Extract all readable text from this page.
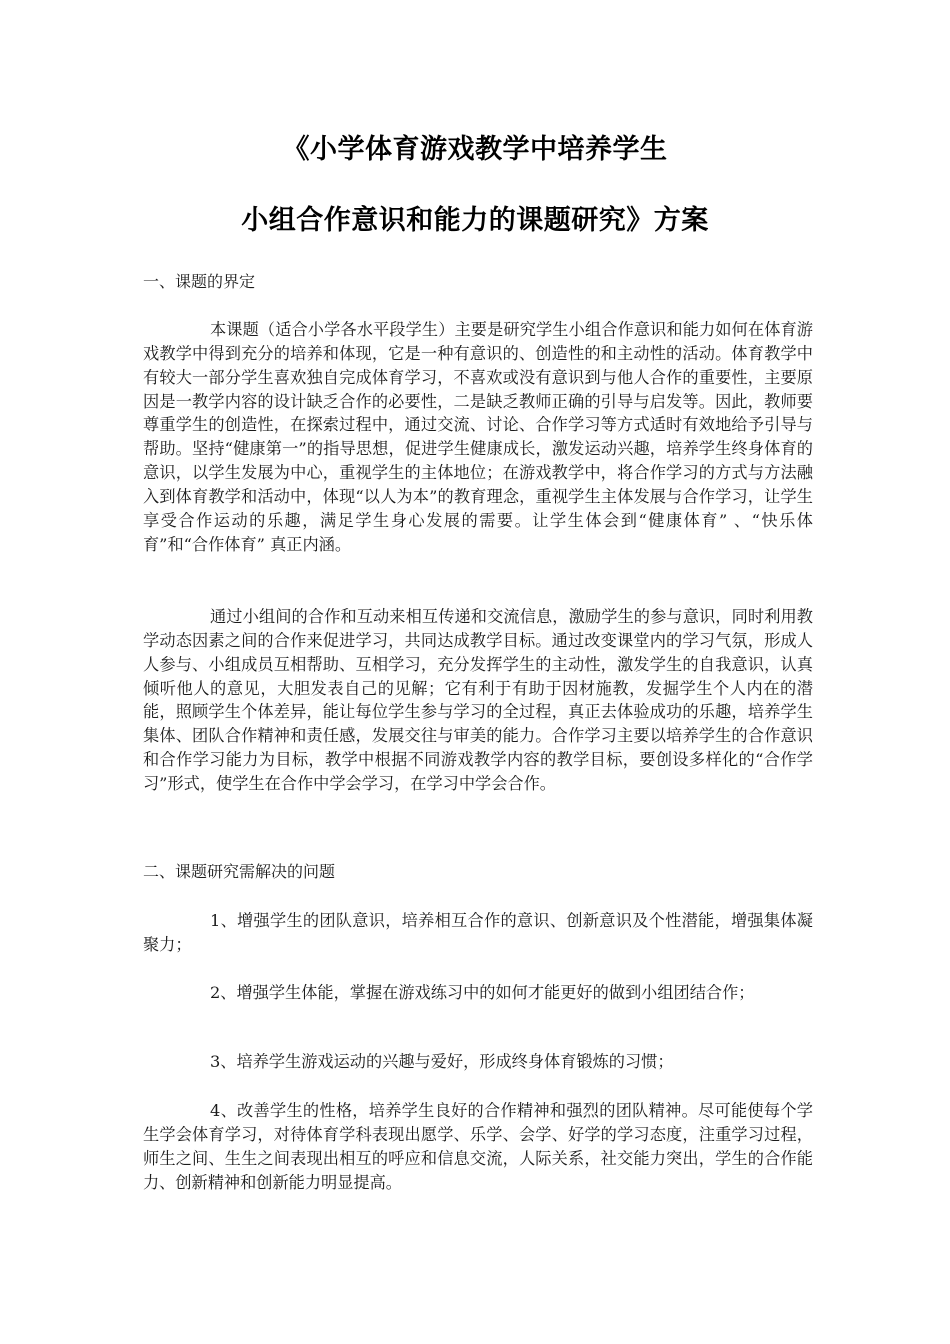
《小学体育游戏教学中培养学生
小组合作意识和能力的课题研究》方案
一、课题的界定

本课题（适合小学各水平段学生）主要是研究学生小组合作意识和能力如何在体育游戏教学中得到充分的培养和体现，它是一种有意识的、创造性的和主动性的活动。体育教学中有较大一部分学生喜欢独自完成体育学习，不喜欢或没有意识到与他人合作的重要性，主要原因是一教学内容的设计缺乏合作的必要性，二是缺乏教师正确的引导与启发等。因此，教师要尊重学生的创造性，在探索过程中，通过交流、讨论、合作学习等方式适时有效地给予引导与帮助。坚持“健康第一”的指导思想，促进学生健康成长，激发运动兴趣，培养学生终身体育的意识，以学生发展为中心，重视学生的主体地位；在游戏教学中，将合作学习的方式与方法融入到体育教学和活动中，体现“以人为本”的教育理念，重视学生主体发展与合作学习，让学生享受合作运动的乐趣，满足学生身心发展的需要。让学生体会到“健康体育” 、“快乐体育”和“合作体育” 真正内涵。

通过小组间的合作和互动来相互传递和交流信息，激励学生的参与意识，同时利用教学动态因素之间的合作来促进学习，共同达成教学目标。通过改变课堂内的学习气氛，形成人人参与、小组成员互相帮助、互相学习，充分发挥学生的主动性，激发学生的自我意识，认真倾听他人的意见，大胆发表自己的见解；它有利于有助于因材施教，发掘学生个人内在的潜能，照顾学生个体差异，能让每位学生参与学习的全过程，真正去体验成功的乐趣，培养学生集体、团队合作精神和责任感，发展交往与审美的能力。合作学习主要以培养学生的合作意识和合作学习能力为目标，教学中根据不同游戏教学内容的教学目标，要创设多样化的“合作学习”形式，使学生在合作中学会学习，在学习中学会合作。

二、课题研究需解决的问题

1、增强学生的团队意识，培养相互合作的意识、创新意识及个性潜能，增强集体凝聚力；

2、增强学生体能，掌握在游戏练习中的如何才能更好的做到小组团结合作；

3、培养学生游戏运动的兴趣与爱好，形成终身体育锻炼的习惯；

4、改善学生的性格，培养学生良好的合作精神和强烈的团队精神。尽可能使每个学生学会体育学习，对待体育学科表现出愿学、乐学、会学、好学的学习态度，注重学习过程，师生之间、生生之间表现出相互的呼应和信息交流，人际关系，社交能力突出，学生的合作能力、创新精神和创新能力明显提高。
